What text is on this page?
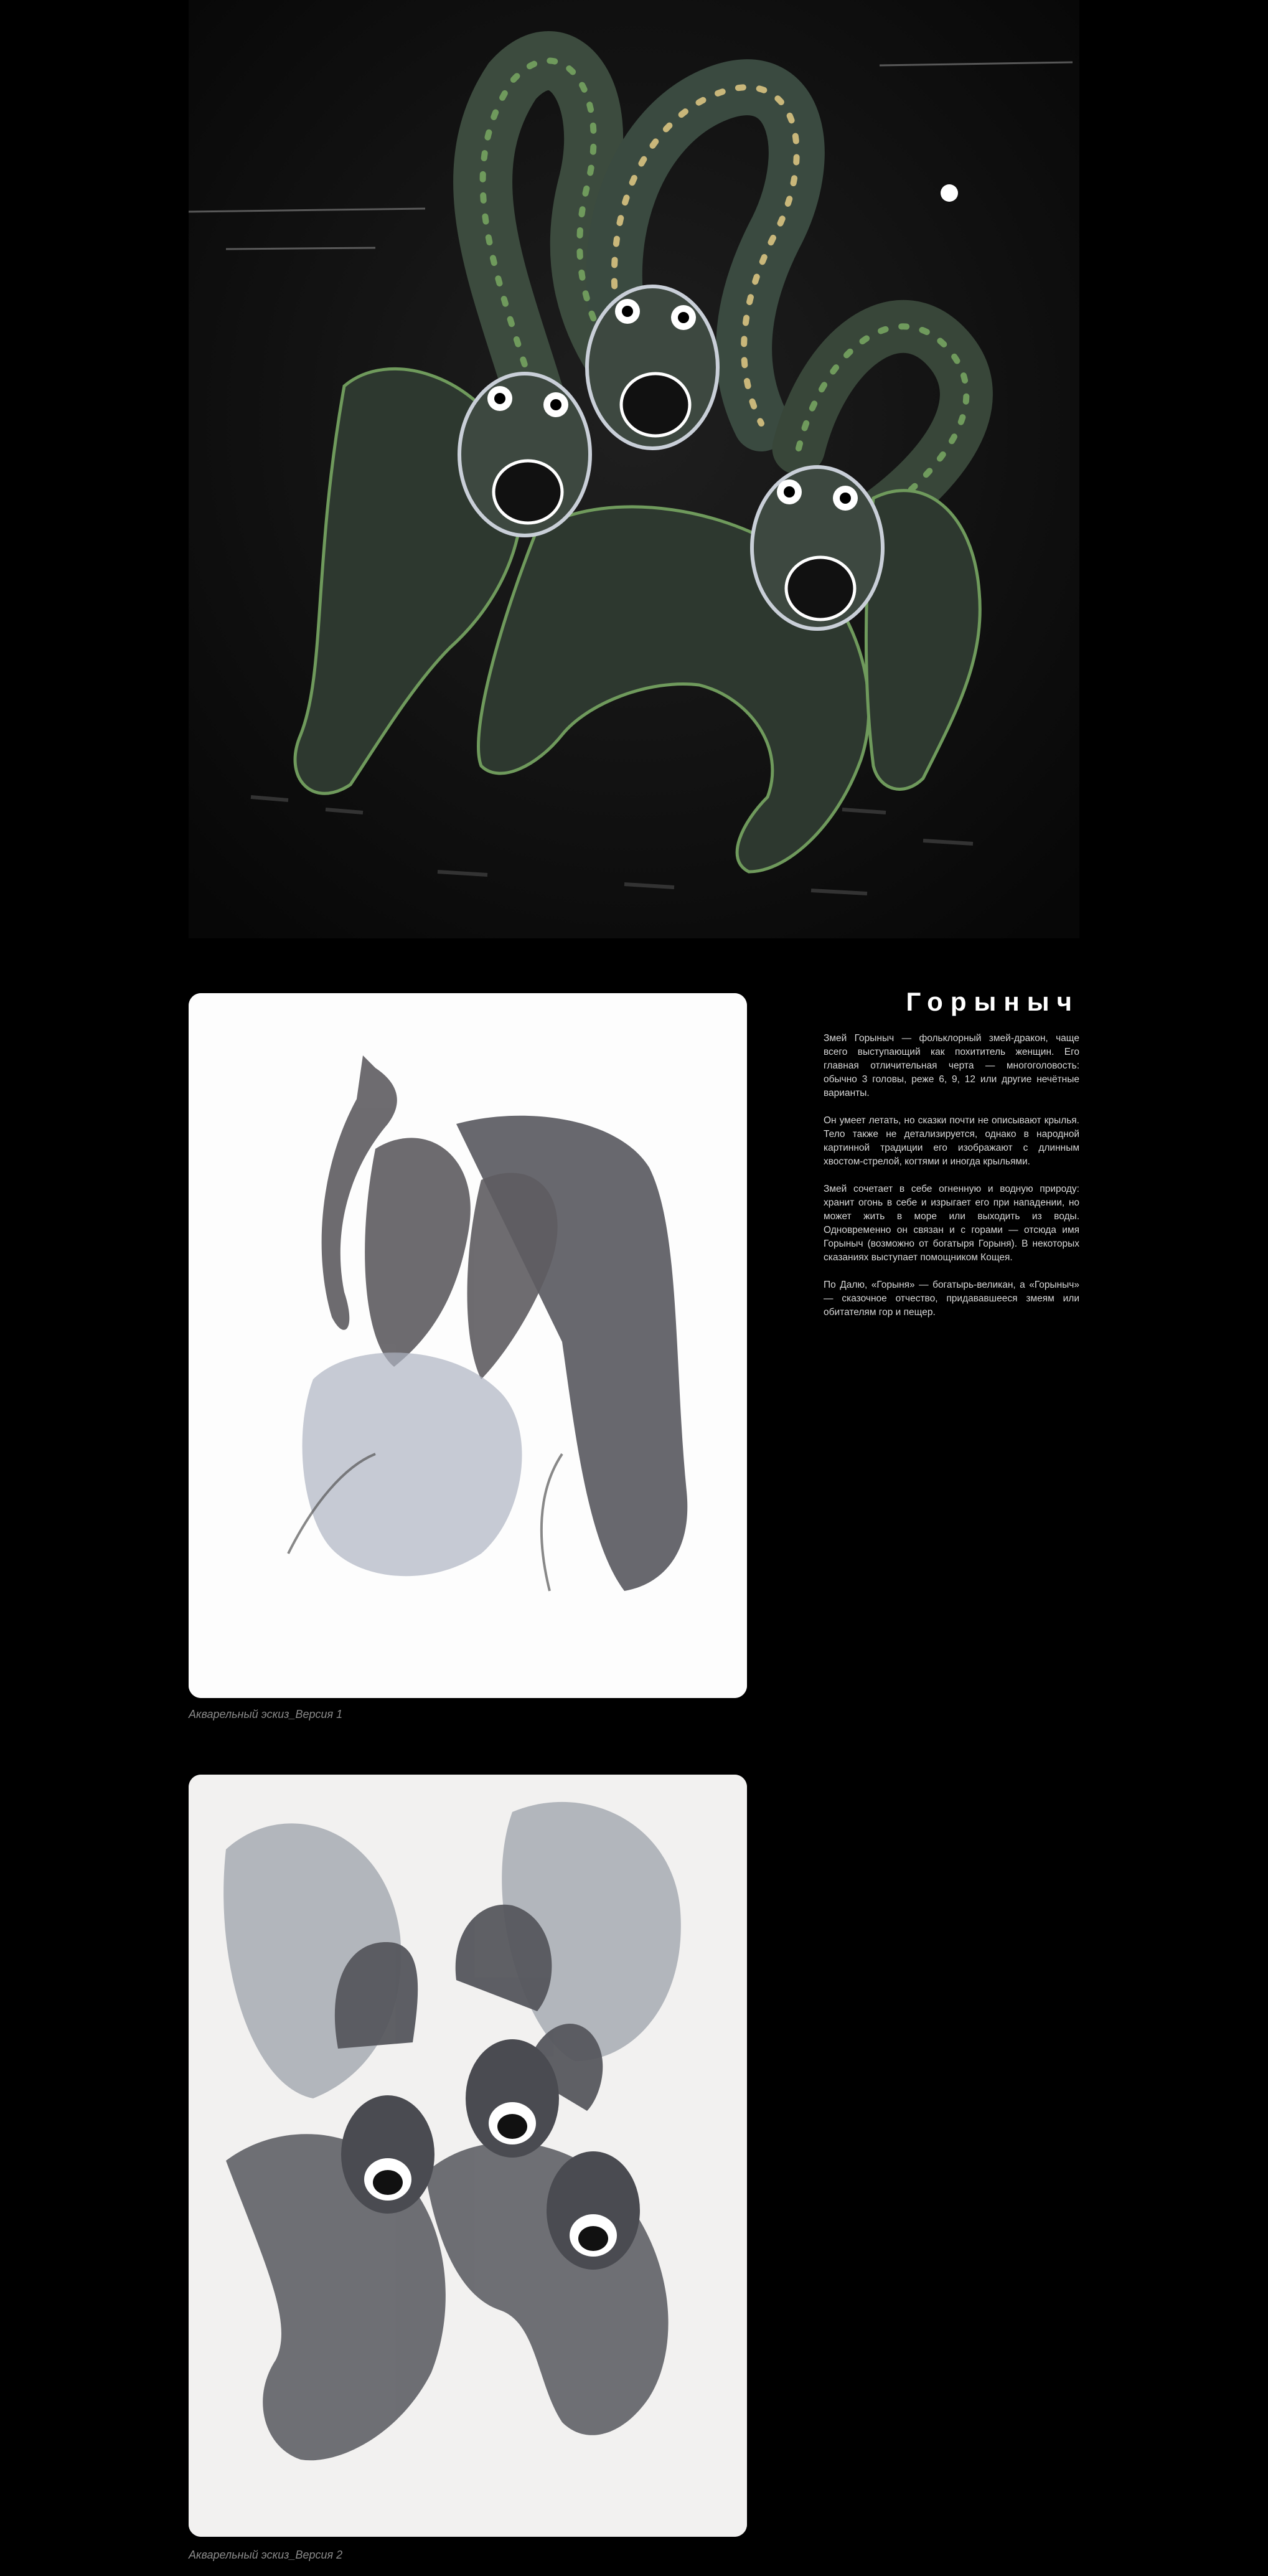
Акварельный эскиз_Версия 1
Горыныч

Змей Горыныч — фольклорный змей-дракон, чаще всего выступающий как похититель женщин. Его главная отличительная черта — многоголовость: обычно 3 головы, реже 6, 9, 12 или другие нечётные варианты.

Он умеет летать, но сказки почти не описывают крылья. Тело также не детализируется, однако в народной картинной традиции его изображают с длинным хвостом-стрелой, когтями и иногда крыльями.

Змей сочетает в себе огненную и водную природу: хранит огонь в себе и изрыгает его при нападении, но может жить в море или выходить из воды. Одновременно он связан и с горами — отсюда имя Горыныч (возможно от богатыря Горыня). В некоторых сказаниях выступает помощником Кощея.

По Далю, «Горыня» — богатырь-великан, а «Горыныч» — сказочное отчество, придававшееся змеям или обитателям гор и пещер.

Акварельный эскиз_Версия 2
